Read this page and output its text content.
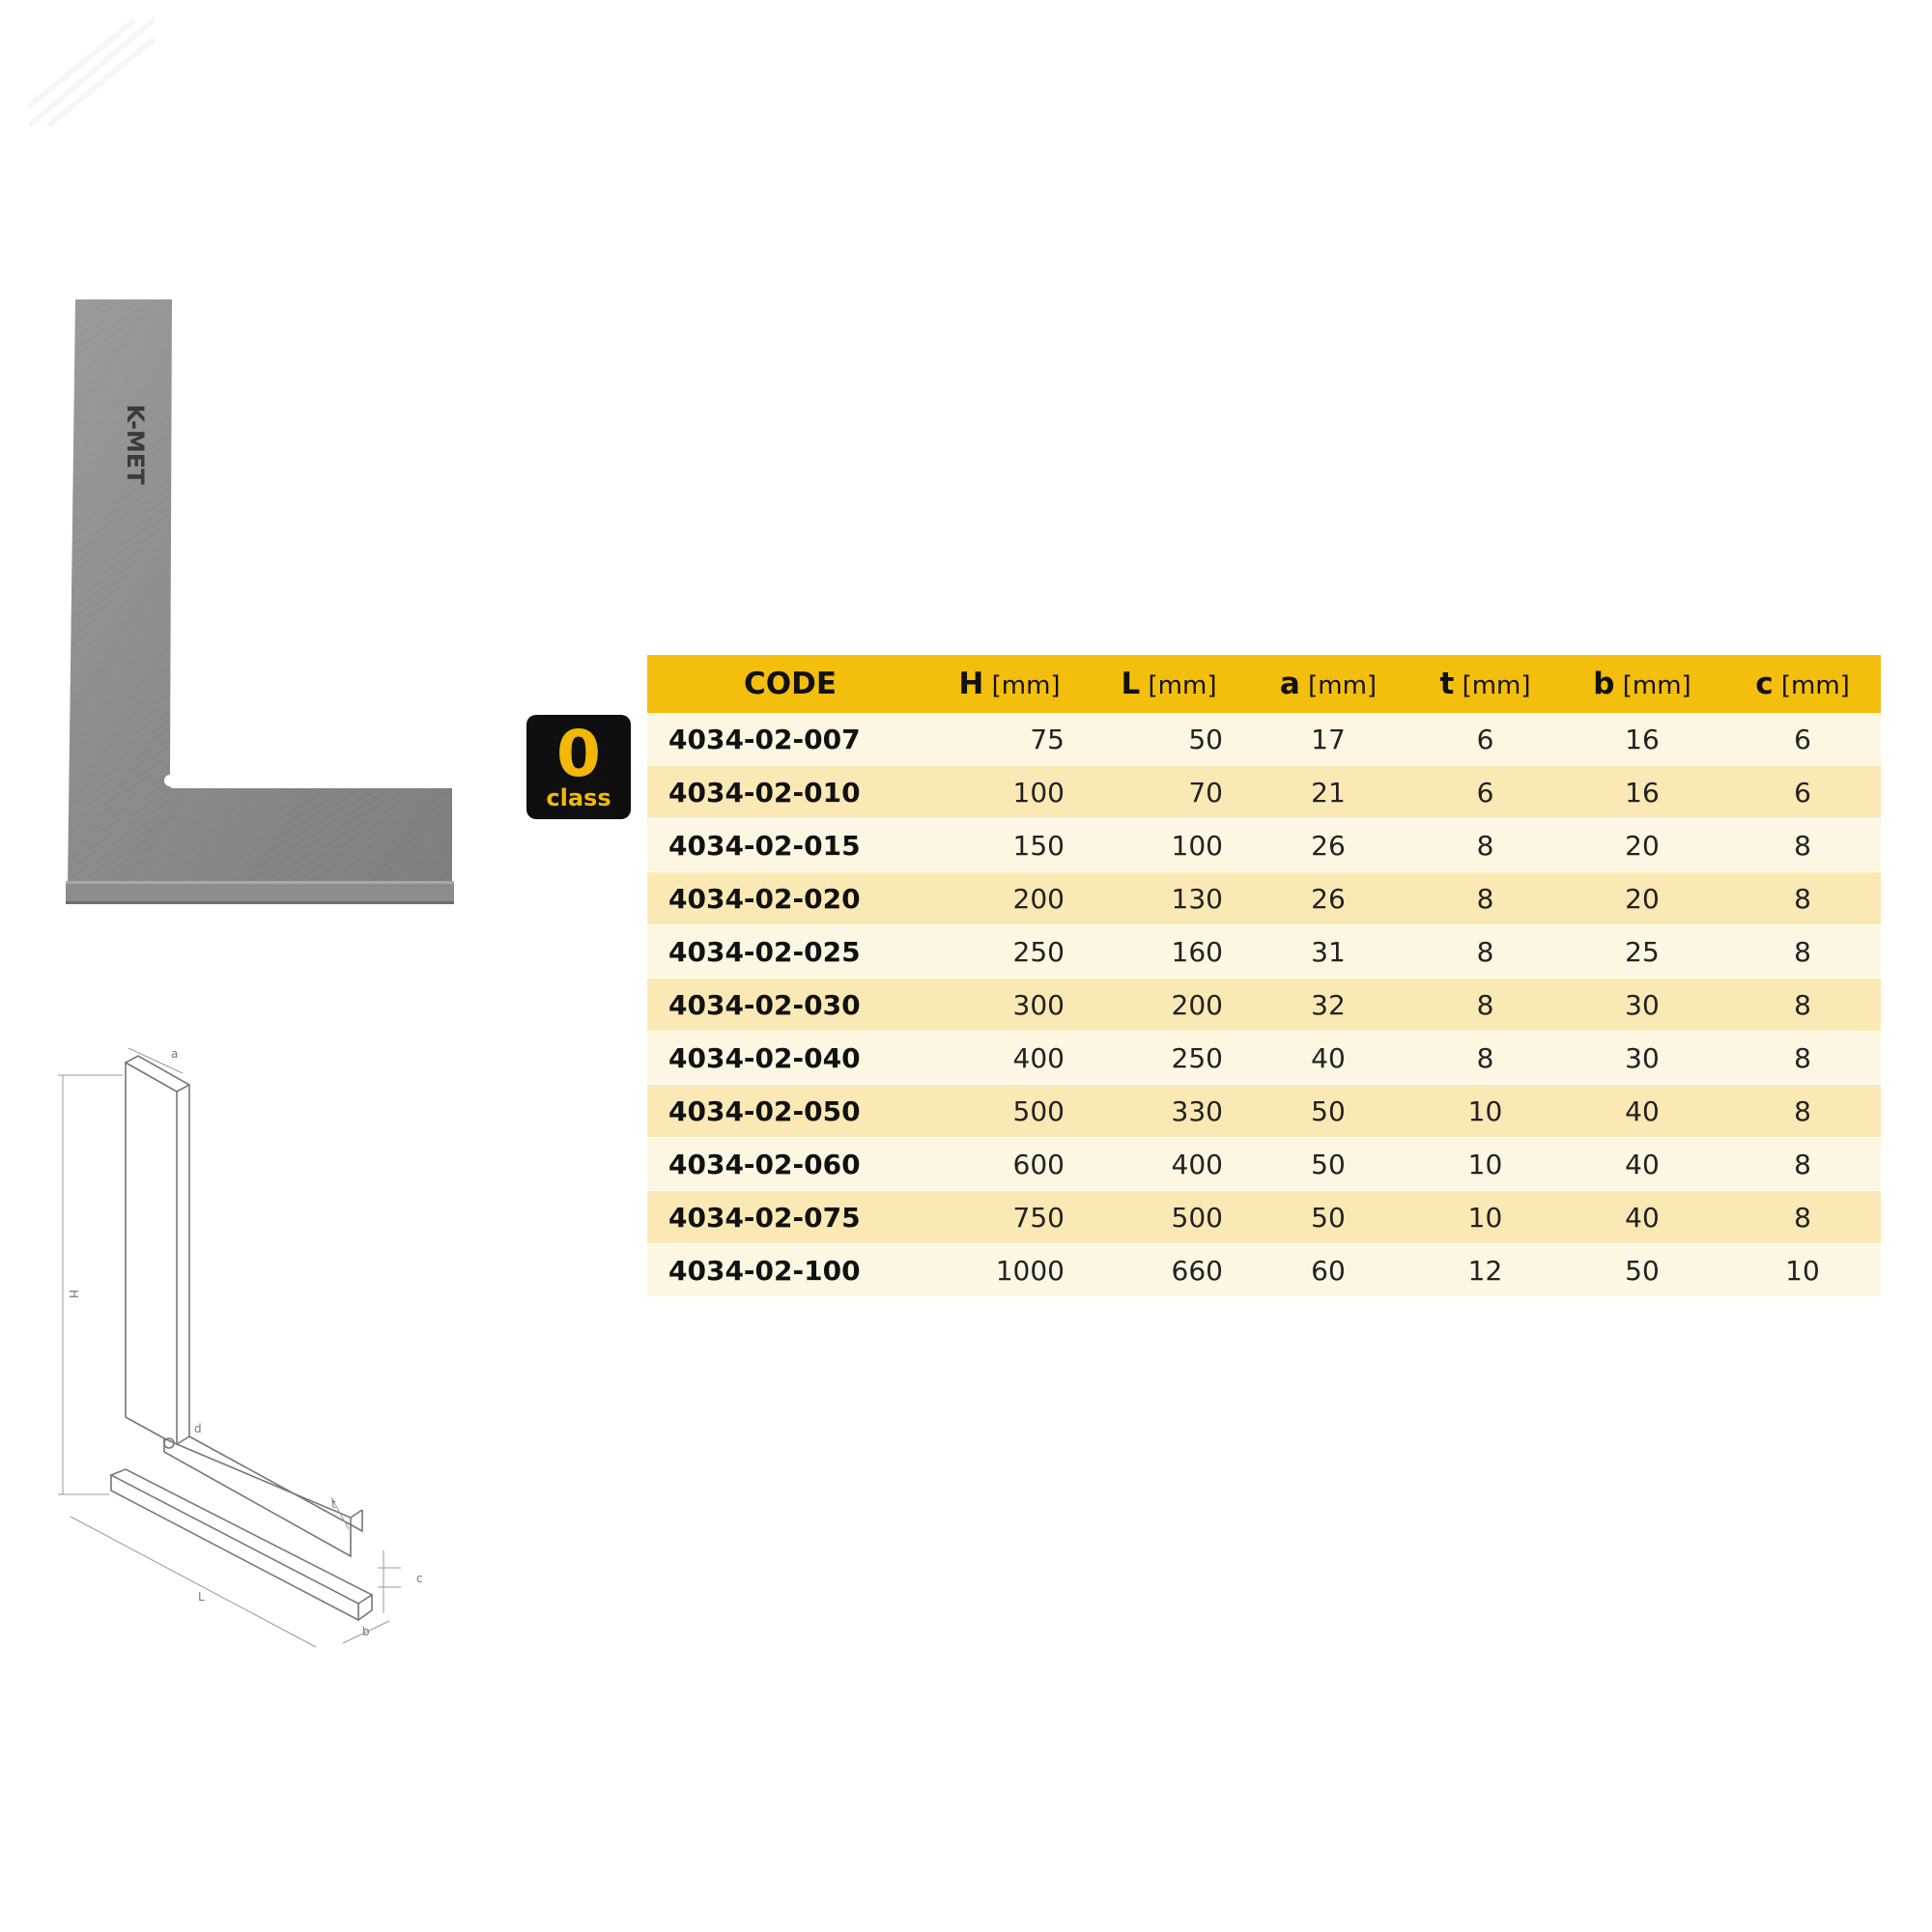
K-MET
a
H
d
t
L
b
c
0
class
CODE	H [mm]	L [mm]	a [mm]	t [mm]	b [mm]	c [mm]
4034-02-007	75	50	17	6	16	6
4034-02-010	100	70	21	6	16	6
4034-02-015	150	100	26	8	20	8
4034-02-020	200	130	26	8	20	8
4034-02-025	250	160	31	8	25	8
4034-02-030	300	200	32	8	30	8
4034-02-040	400	250	40	8	30	8
4034-02-050	500	330	50	10	40	8
4034-02-060	600	400	50	10	40	8
4034-02-075	750	500	50	10	40	8
4034-02-100	1000	660	60	12	50	10
